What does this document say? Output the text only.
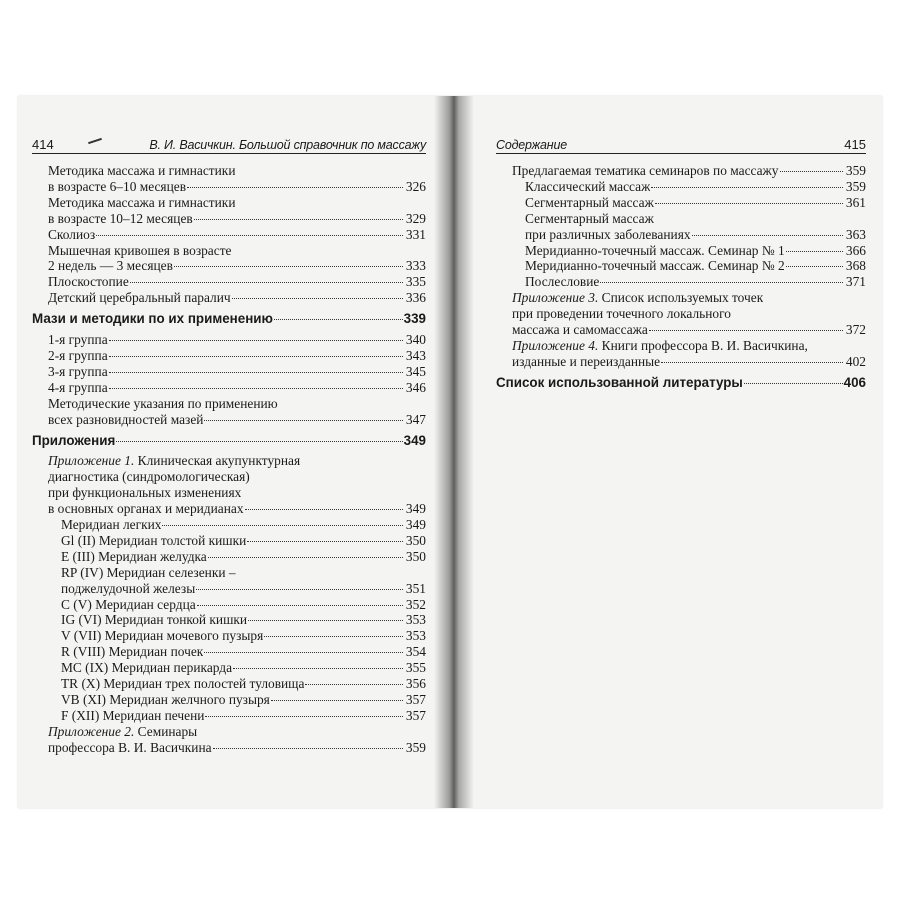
414	В. И. Васичкин. Большой справочник по массажу
Методика массажа и гимнастики
в возрасте 6–10 месяцев	326
Методика массажа и гимнастики
в возрасте 10–12 месяцев	329
Сколиоз	331
Мышечная кривошея в возрасте
2 недель — 3 месяцев	333
Плоскостопие	335
Детский церебральный паралич	336
Мази и методики по их применению	339
1-я группа	340
2-я группа	343
3-я группа	345
4-я группа	346
Методические указания по применению
всех разновидностей мазей	347
Приложения	349
Приложение 1. Клиническая акупунктурная
диагностика (синдромологическая)
при функциональных изменениях
в основных органах и меридианах	349
Меридиан легких	349
Gl (II) Меридиан толстой кишки	350
E (III) Меридиан желудка	350
RP (IV) Меридиан селезенки –
поджелудочной железы	351
C (V) Меридиан сердца	352
IG (VI) Меридиан тонкой кишки	353
V (VII) Меридиан мочевого пузыря	353
R (VIII) Меридиан почек	354
MC (IX) Меридиан перикарда	355
TR (X) Меридиан трех полостей туловища	356
VB (XI) Меридиан желчного пузыря	357
F (XII) Меридиан печени	357
Приложение 2. Семинары
профессора В. И. Васичкина	359
Содержание	415
Предлагаемая тематика семинаров по массажу	359
Классический массаж	359
Сегментарный массаж	361
Сегментарный массаж
при различных заболеваниях	363
Меридианно-точечный массаж. Семинар № 1	366
Меридианно-точечный массаж. Семинар № 2	368
Послесловие	371
Приложение 3. Список используемых точек
при проведении точечного локального
массажа и самомассажа	372
Приложение 4. Книги профессора В. И. Васичкина,
изданные и переизданные	402
Список использованной литературы	406
